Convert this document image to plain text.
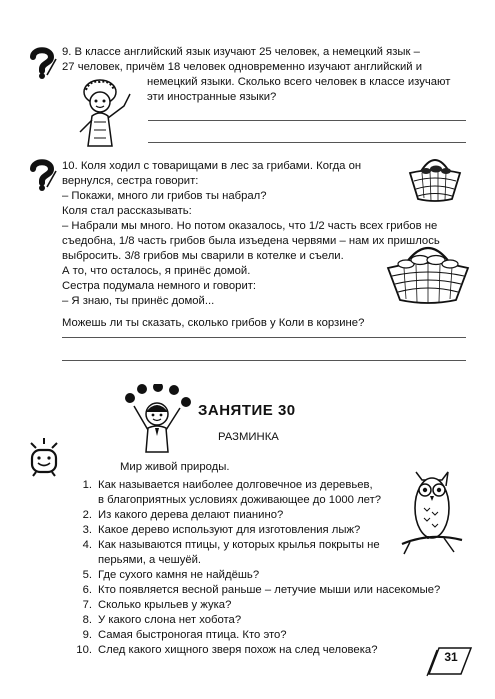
9. В классе английский язык изучают 25 человек, а немецкий язык –
27 человек, причём 18 человек одновременно изучают английский и
немецкий языки. Сколько всего человек в классе изучают
эти иностранные языки?
10. Коля ходил с товарищами в лес за грибами. Когда он
вернулся, сестра говорит:
– Покажи, много ли грибов ты набрал?
Коля стал рассказывать:
– Набрали мы много. Но потом оказалось, что 1/2 часть всех грибов не
съедобна, 1/8 часть грибов была изъедена червями – нам их пришлось
выбросить. 3/8 грибов мы сварили в котелке и съели.
А то, что осталось, я принёс домой.
Сестра подумала немного и говорит:
– Я знаю, ты принёс домой...
Можешь ли ты сказать, сколько грибов у Коли в корзине?
ЗАНЯТИЕ 30
РАЗМИНКА
Мир живой природы.
1. Как называется наиболее долговечное из деревьев,
в благоприятных условиях доживающее до 1000 лет?
2. Из какого дерева делают пианино?
3. Какое дерево используют для изготовления лыж?
4. Как называются птицы, у которых крылья покрыты не
перьями, а чешуёй.
5. Где сухого камня не найдёшь?
6. Кто появляется весной раньше – летучие мыши или насекомые?
7. Сколько крыльев у жука?
8. У какого слона нет хобота?
9. Самая быстроногая птица. Кто это?
10. След какого хищного зверя похож на след человека?	31
